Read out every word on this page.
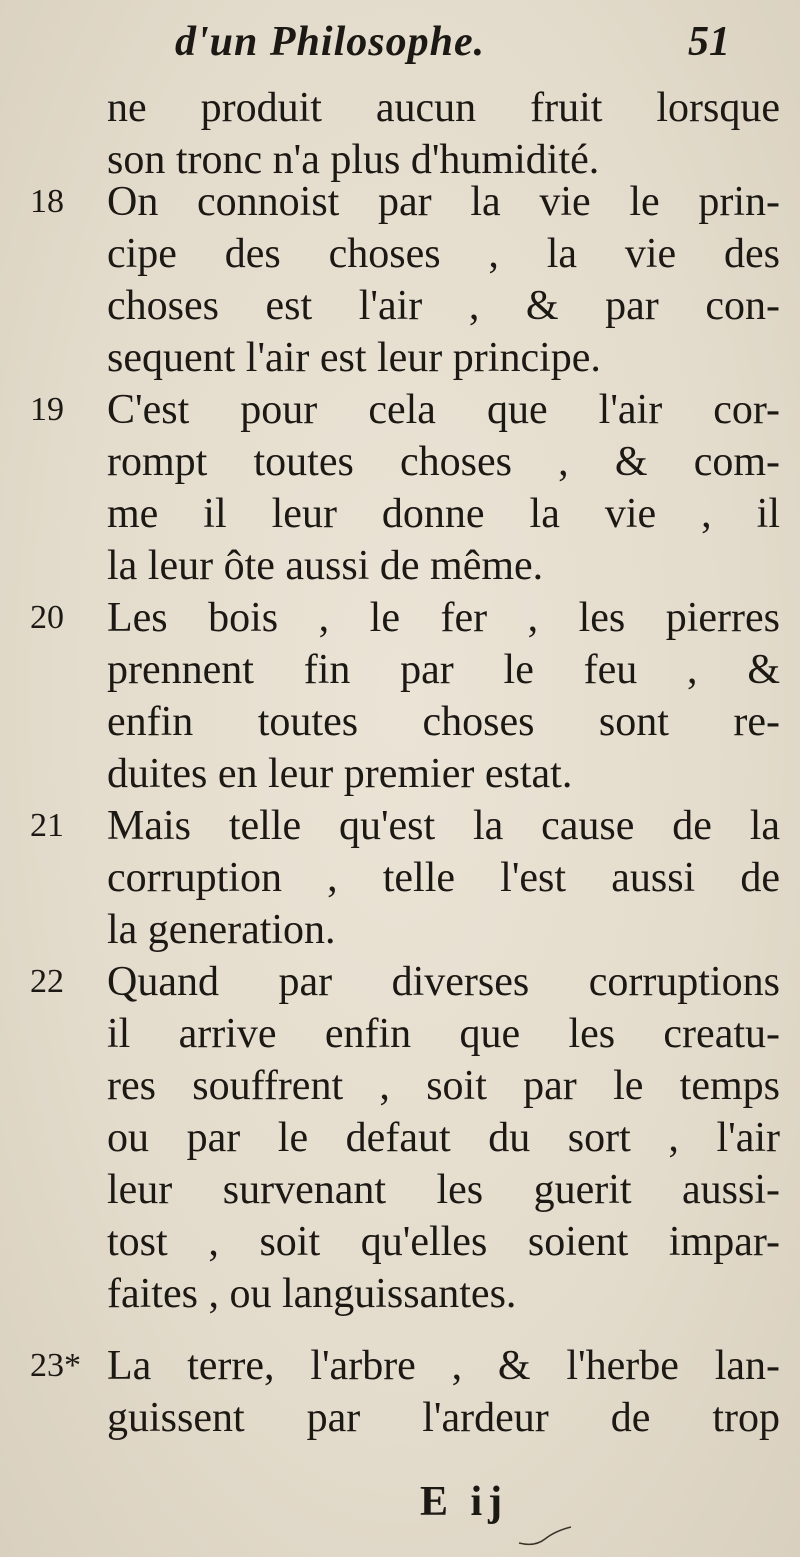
d'un Philosophe.	51
ne produit aucun fruit lorsque
son tronc n'a plus d'humidité.
18	On connoist par la vie le prin-
cipe des choses , la vie des
choses est l'air , & par con-
sequent l'air est leur principe.
19	C'est pour cela que l'air cor-
rompt toutes choses , & com-
me il leur donne la vie , il
la leur ôte aussi de même.
20	Les bois , le fer , les pierres
prennent fin par le feu , &
enfin toutes choses sont re-
duites en leur premier estat.
21	Mais telle qu'est la cause de la
corruption , telle l'est aussi de
la generation.
22	Quand par diverses corruptions
il arrive enfin que les creatu-
res souffrent , soit par le temps
ou par le defaut du sort , l'air
leur survenant les guerit aussi-
tost , soit qu'elles soient impar-
faites , ou languissantes.
23* La terre, l'arbre , & l'herbe lan-
guissent par l'ardeur de trop
E ij
